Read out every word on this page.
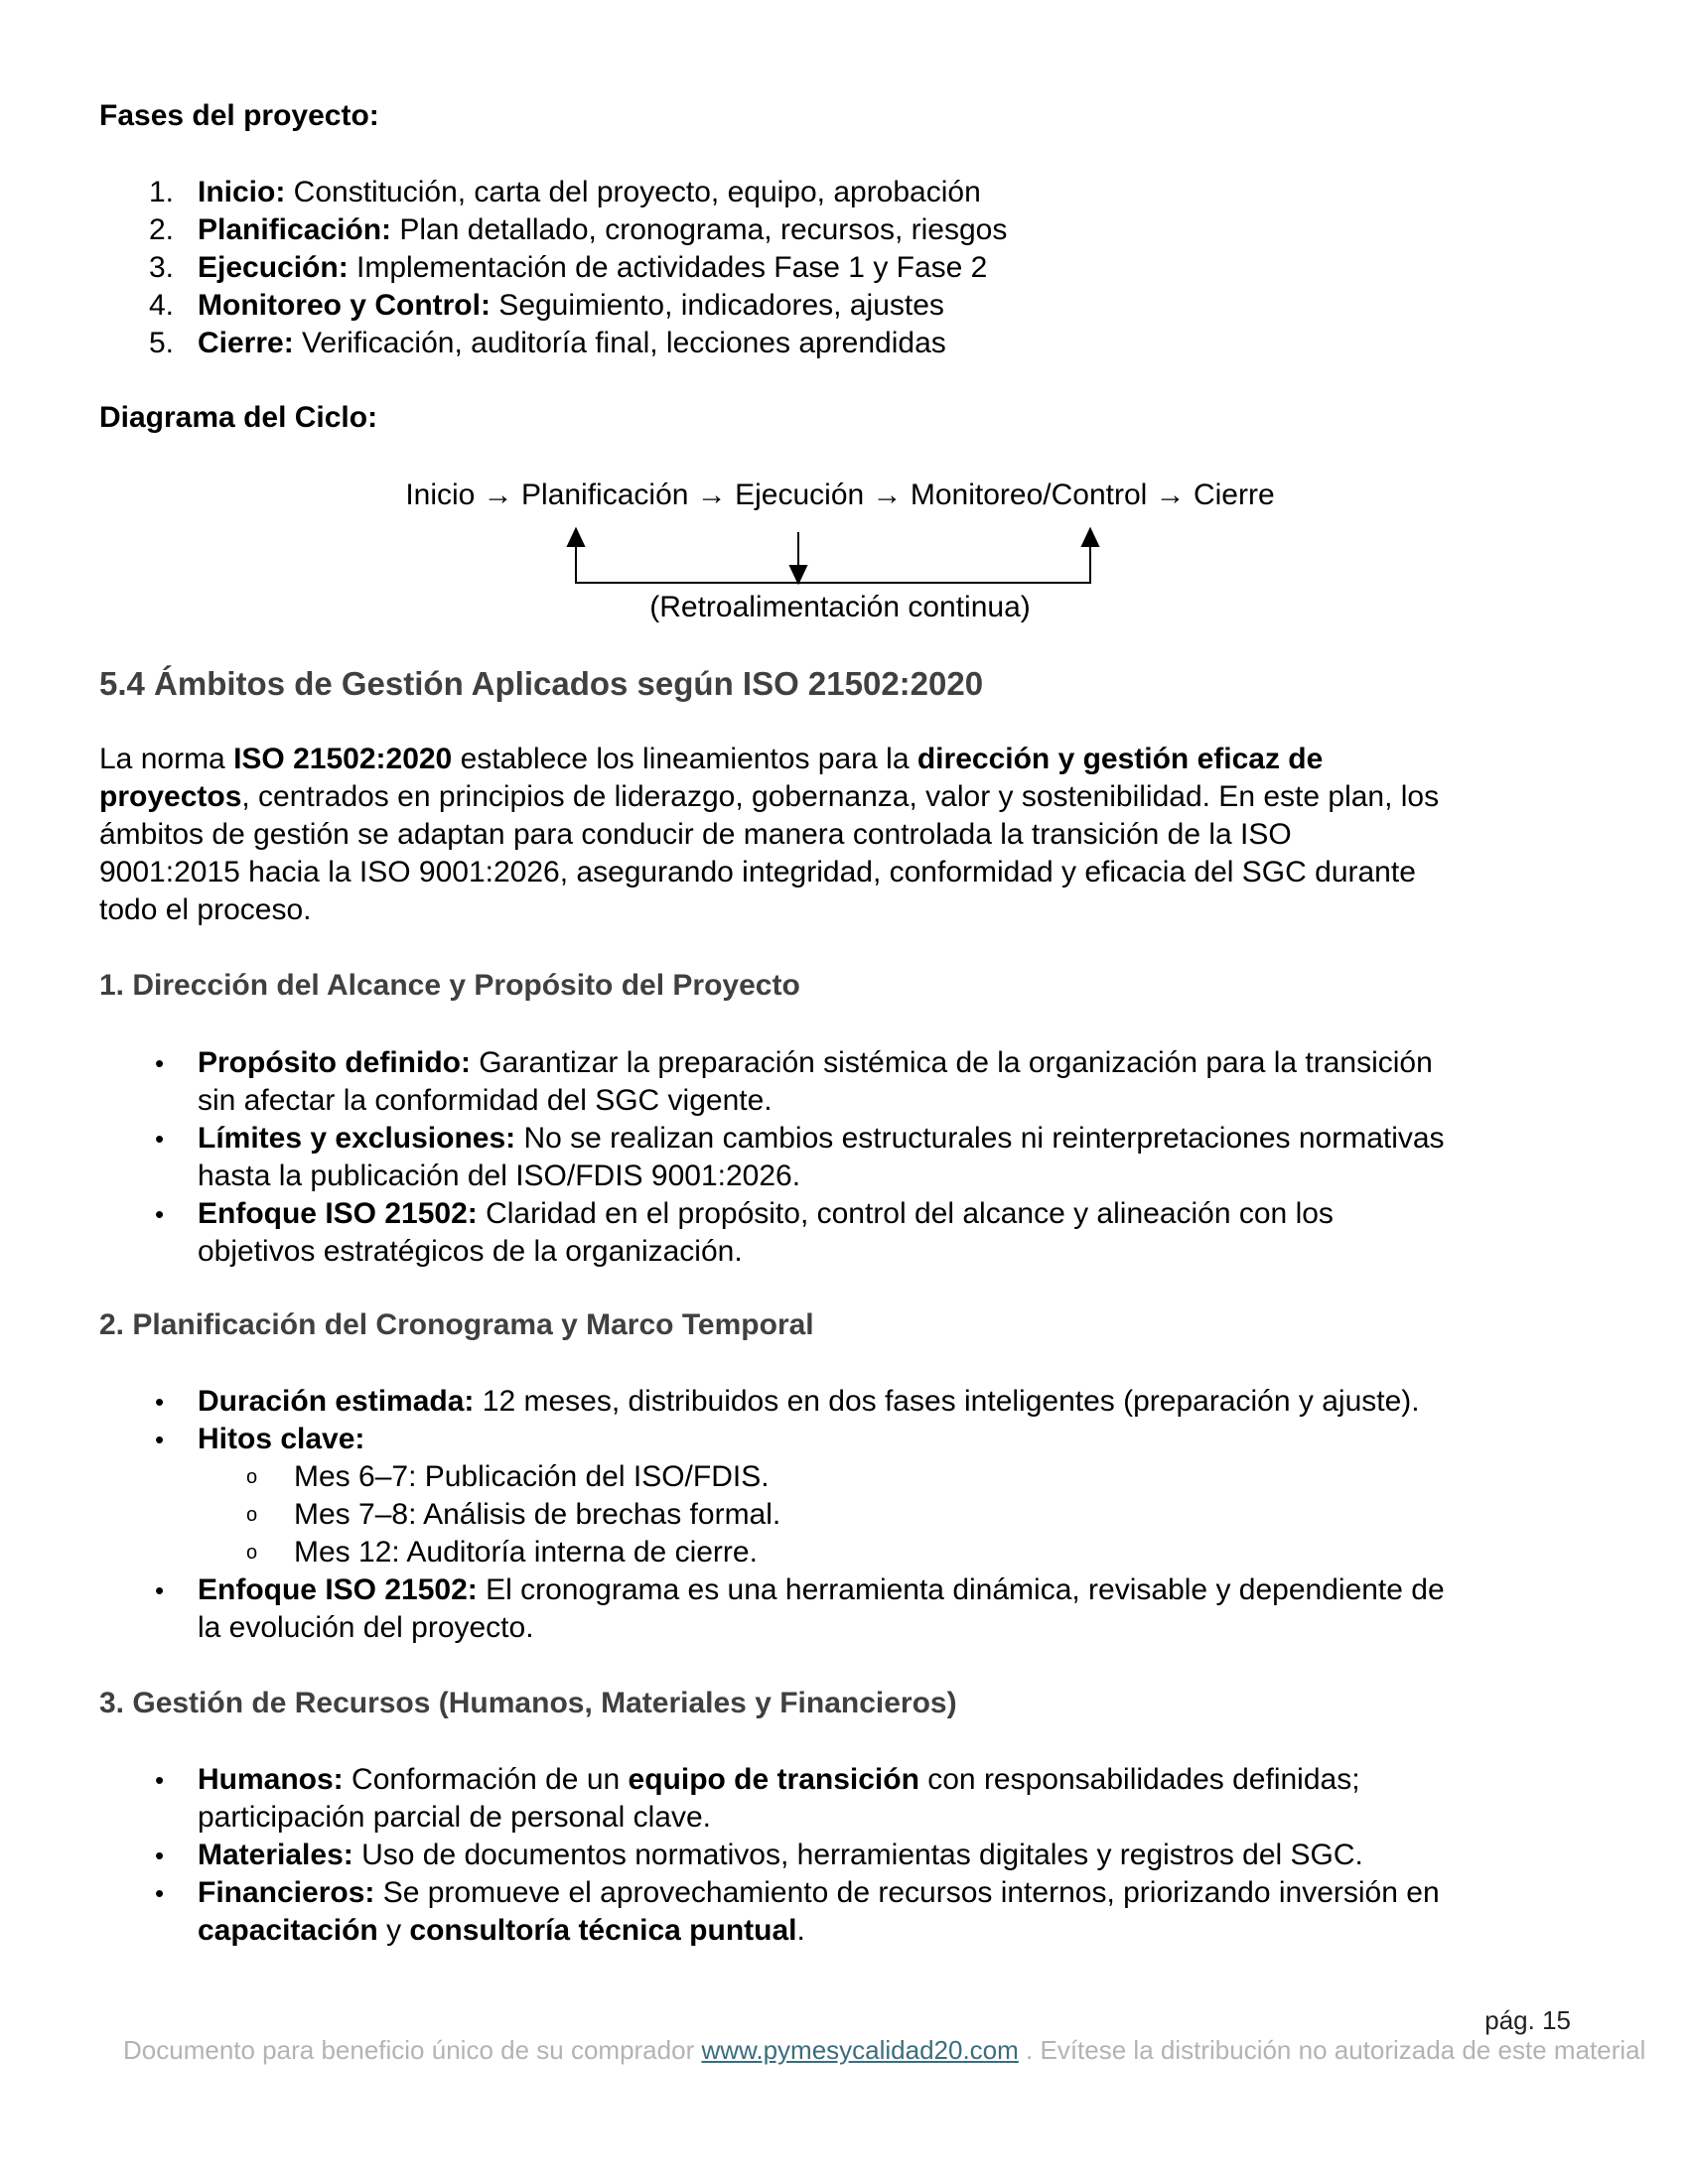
Fases del proyecto:
1. Inicio: Constitución, carta del proyecto, equipo, aprobación
2. Planificación: Plan detallado, cronograma, recursos, riesgos
3. Ejecución: Implementación de actividades Fase 1 y Fase 2
4. Monitoreo y Control: Seguimiento, indicadores, ajustes
5. Cierre: Verificación, auditoría final, lecciones aprendidas
Diagrama del Ciclo:
Inicio → Planificación → Ejecución → Monitoreo/Control → Cierre
(Retroalimentación continua)
5.4 Ámbitos de Gestión Aplicados según ISO 21502:2020
La norma ISO 21502:2020 establece los lineamientos para la dirección y gestión eficaz de
proyectos, centrados en principios de liderazgo, gobernanza, valor y sostenibilidad. En este plan, los
ámbitos de gestión se adaptan para conducir de manera controlada la transición de la ISO
9001:2015 hacia la ISO 9001:2026, asegurando integridad, conformidad y eficacia del SGC durante
todo el proceso.
1. Dirección del Alcance y Propósito del Proyecto
• Propósito definido: Garantizar la preparación sistémica de la organización para la transición
sin afectar la conformidad del SGC vigente.
• Límites y exclusiones: No se realizan cambios estructurales ni reinterpretaciones normativas
hasta la publicación del ISO/FDIS 9001:2026.
• Enfoque ISO 21502: Claridad en el propósito, control del alcance y alineación con los
objetivos estratégicos de la organización.
2. Planificación del Cronograma y Marco Temporal
• Duración estimada: 12 meses, distribuidos en dos fases inteligentes (preparación y ajuste).
• Hitos clave:
o Mes 6–7: Publicación del ISO/FDIS.
o Mes 7–8: Análisis de brechas formal.
o Mes 12: Auditoría interna de cierre.
• Enfoque ISO 21502: El cronograma es una herramienta dinámica, revisable y dependiente de
la evolución del proyecto.
3. Gestión de Recursos (Humanos, Materiales y Financieros)
• Humanos: Conformación de un equipo de transición con responsabilidades definidas;
participación parcial de personal clave.
• Materiales: Uso de documentos normativos, herramientas digitales y registros del SGC.
• Financieros: Se promueve el aprovechamiento de recursos internos, priorizando inversión en
capacitación y consultoría técnica puntual.
pág. 15
Documento para beneficio único de su comprador www.pymesycalidad20.com . Evítese la distribución no autorizada de este material
